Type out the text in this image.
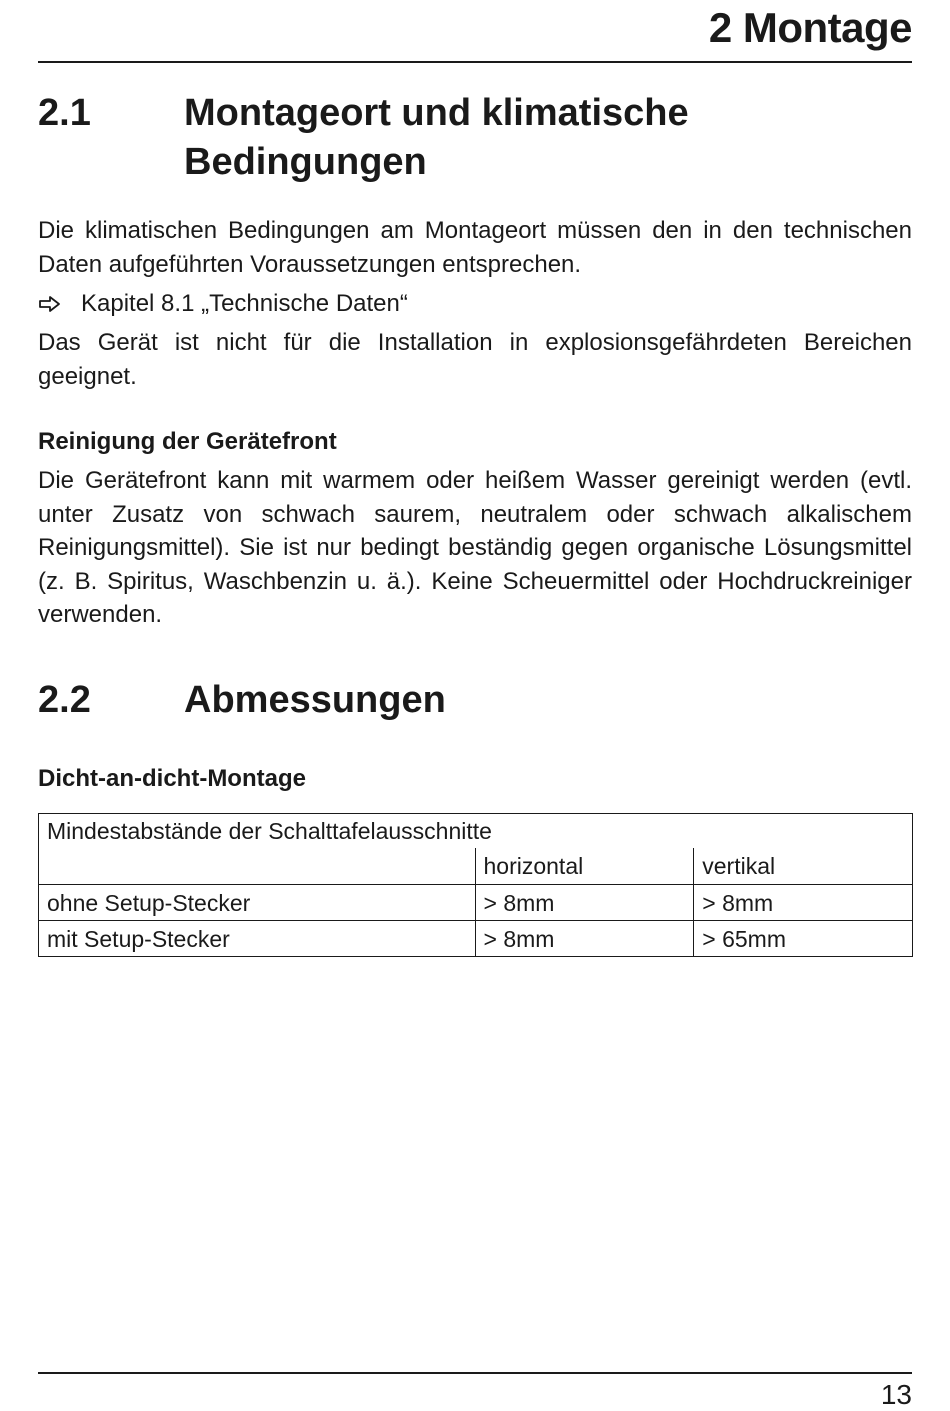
2 Montage
2.1 Montageort und klimatische
Bedingungen

Die klimatischen Bedingungen am Montageort müssen den in den technischen Daten aufgeführten Voraussetzungen entsprechen.

Kapitel 8.1 „Technische Daten“

Das Gerät ist nicht für die Installation in explosionsgefährdeten Bereichen geeignet.

Reinigung der Gerätefront

Die Gerätefront kann mit warmem oder heißem Wasser gereinigt werden (evtl. unter Zusatz von schwach saurem, neutralem oder schwach alkalischem Reinigungsmittel). Sie ist nur bedingt beständig gegen organische Lösungsmittel (z. B. Spiritus, Waschbenzin u. ä.). Keine Scheuermittel oder Hochdruckreiniger verwenden.

2.2 Abmessungen
Dicht-an-dicht-Montage
Mindestabstände der Schalttafelausschnitte		
	horizontal	vertikal
ohne Setup-Stecker	> 8mm	> 8mm
mit Setup-Stecker	> 8mm	> 65mm
13
